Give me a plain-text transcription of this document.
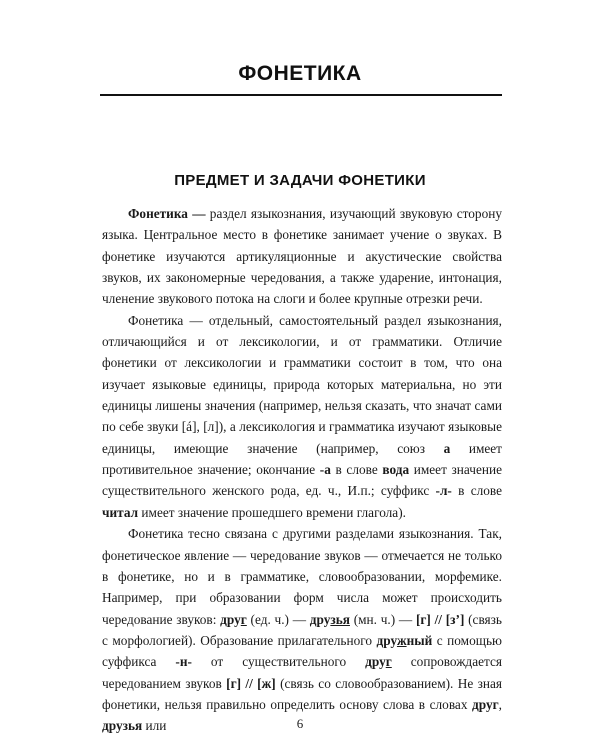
ФОНЕТИКА
ПРЕДМЕТ И ЗАДАЧИ ФОНЕТИКИ

Фонетика — раздел языкознания, изучающий звуковую сторону языка. Центральное место в фонетике занимает учение о звуках. В фонетике изучаются артикуляционные и акустические свойства звуков, их закономерные чередования, а также ударение, интонация, членение звукового потока на слоги и более крупные отрезки речи.

Фонетика — отдельный, самостоятельный раздел языкознания, отличающийся и от лексикологии, и от грамматики. Отличие фонетики от лексикологии и грамматики состоит в том, что она изучает языковые единицы, природа которых материальна, но эти единицы лишены значения (например, нельзя сказать, что значат сами по себе звуки [á], [л]), а лексикология и грамматика изучают языковые единицы, имеющие значение (например, союз а имеет противительное значение; окончание -а в слове вода имеет значение существительного женского рода, ед. ч., И.п.; суффикс -л- в слове читал имеет значение прошедшего времени глагола).

Фонетика тесно связана с другими разделами языкознания. Так, фонетическое явление — чередование звуков — отмечается не только в фонетике, но и в грамматике, словообразовании, морфемике. Например, при образовании форм числа может происходить чередование звуков: друг (ед. ч.) — друзья (мн. ч.) — [г] // [з’] (связь с морфологией). Образование прилагательного дружный с помощью суффикса -н- от существительного друг сопровождается чередованием звуков [г] // [ж] (связь со словообразованием). Не зная фонетики, нельзя правильно определить основу слова в словах друг, друзья или	6
